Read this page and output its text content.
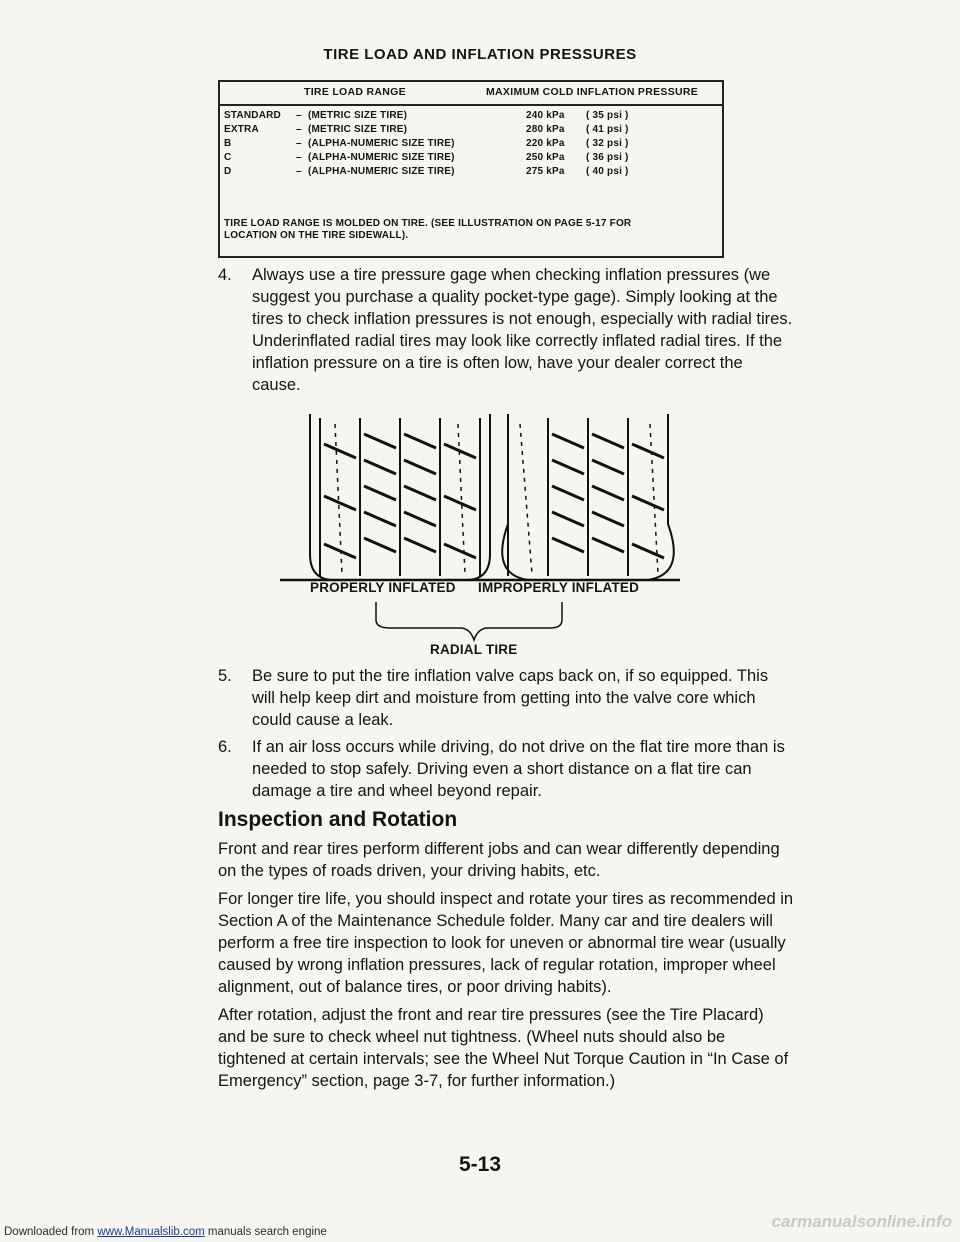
TIRE LOAD AND INFLATION PRESSURES
TIRE LOAD RANGE	MAXIMUM COLD INFLATION PRESSURE
STANDARD – (METRIC SIZE TIRE)	240 kPa ( 35 psi )
EXTRA	– (METRIC SIZE TIRE)	280 kPa ( 41 psi )
B	– (ALPHA-NUMERIC SIZE TIRE)	220 kPa ( 32 psi )
C	– (ALPHA-NUMERIC SIZE TIRE)	250 kPa ( 36 psi )
D	– (ALPHA-NUMERIC SIZE TIRE)	275 kPa ( 40 psi )
TIRE LOAD RANGE IS MOLDED ON TIRE. (SEE ILLUSTRATION ON PAGE 5-17 FOR
LOCATION ON THE TIRE SIDEWALL).
4. Always use a tire pressure gage when checking inflation pressures (we
suggest you purchase a quality pocket-type gage). Simply looking at the
tires to check inflation pressures is not enough, especially with radial tires.
Underinflated radial tires may look like correctly inflated radial tires. If the
inflation pressure on a tire is often low, have your dealer correct the
cause.
PROPERLY INFLATED IMPROPERLY INFLATED
RADIAL TIRE
5. Be sure to put the tire inflation valve caps back on, if so equipped. This
will help keep dirt and moisture from getting into the valve core which
could cause a leak.
6. If an air loss occurs while driving, do not drive on the flat tire more than is
needed to stop safely. Driving even a short distance on a flat tire can
damage a tire and wheel beyond repair.
Inspection and Rotation
Front and rear tires perform different jobs and can wear differently depending
on the types of roads driven, your driving habits, etc.
For longer tire life, you should inspect and rotate your tires as recommended in
Section A of the Maintenance Schedule folder. Many car and tire dealers will
perform a free tire inspection to look for uneven or abnormal tire wear (usually
caused by wrong inflation pressures, lack of regular rotation, improper wheel
alignment, out of balance tires, or poor driving habits).
After rotation, adjust the front and rear tire pressures (see the Tire Placard)
and be sure to check wheel nut tightness. (Wheel nuts should also be
tightened at certain intervals; see the Wheel Nut Torque Caution in “In Case of
Emergency” section, page 3-7, for further information.)
5-13
Downloaded from www.Manualslib.com manuals search engine
carmanualsonline.info
